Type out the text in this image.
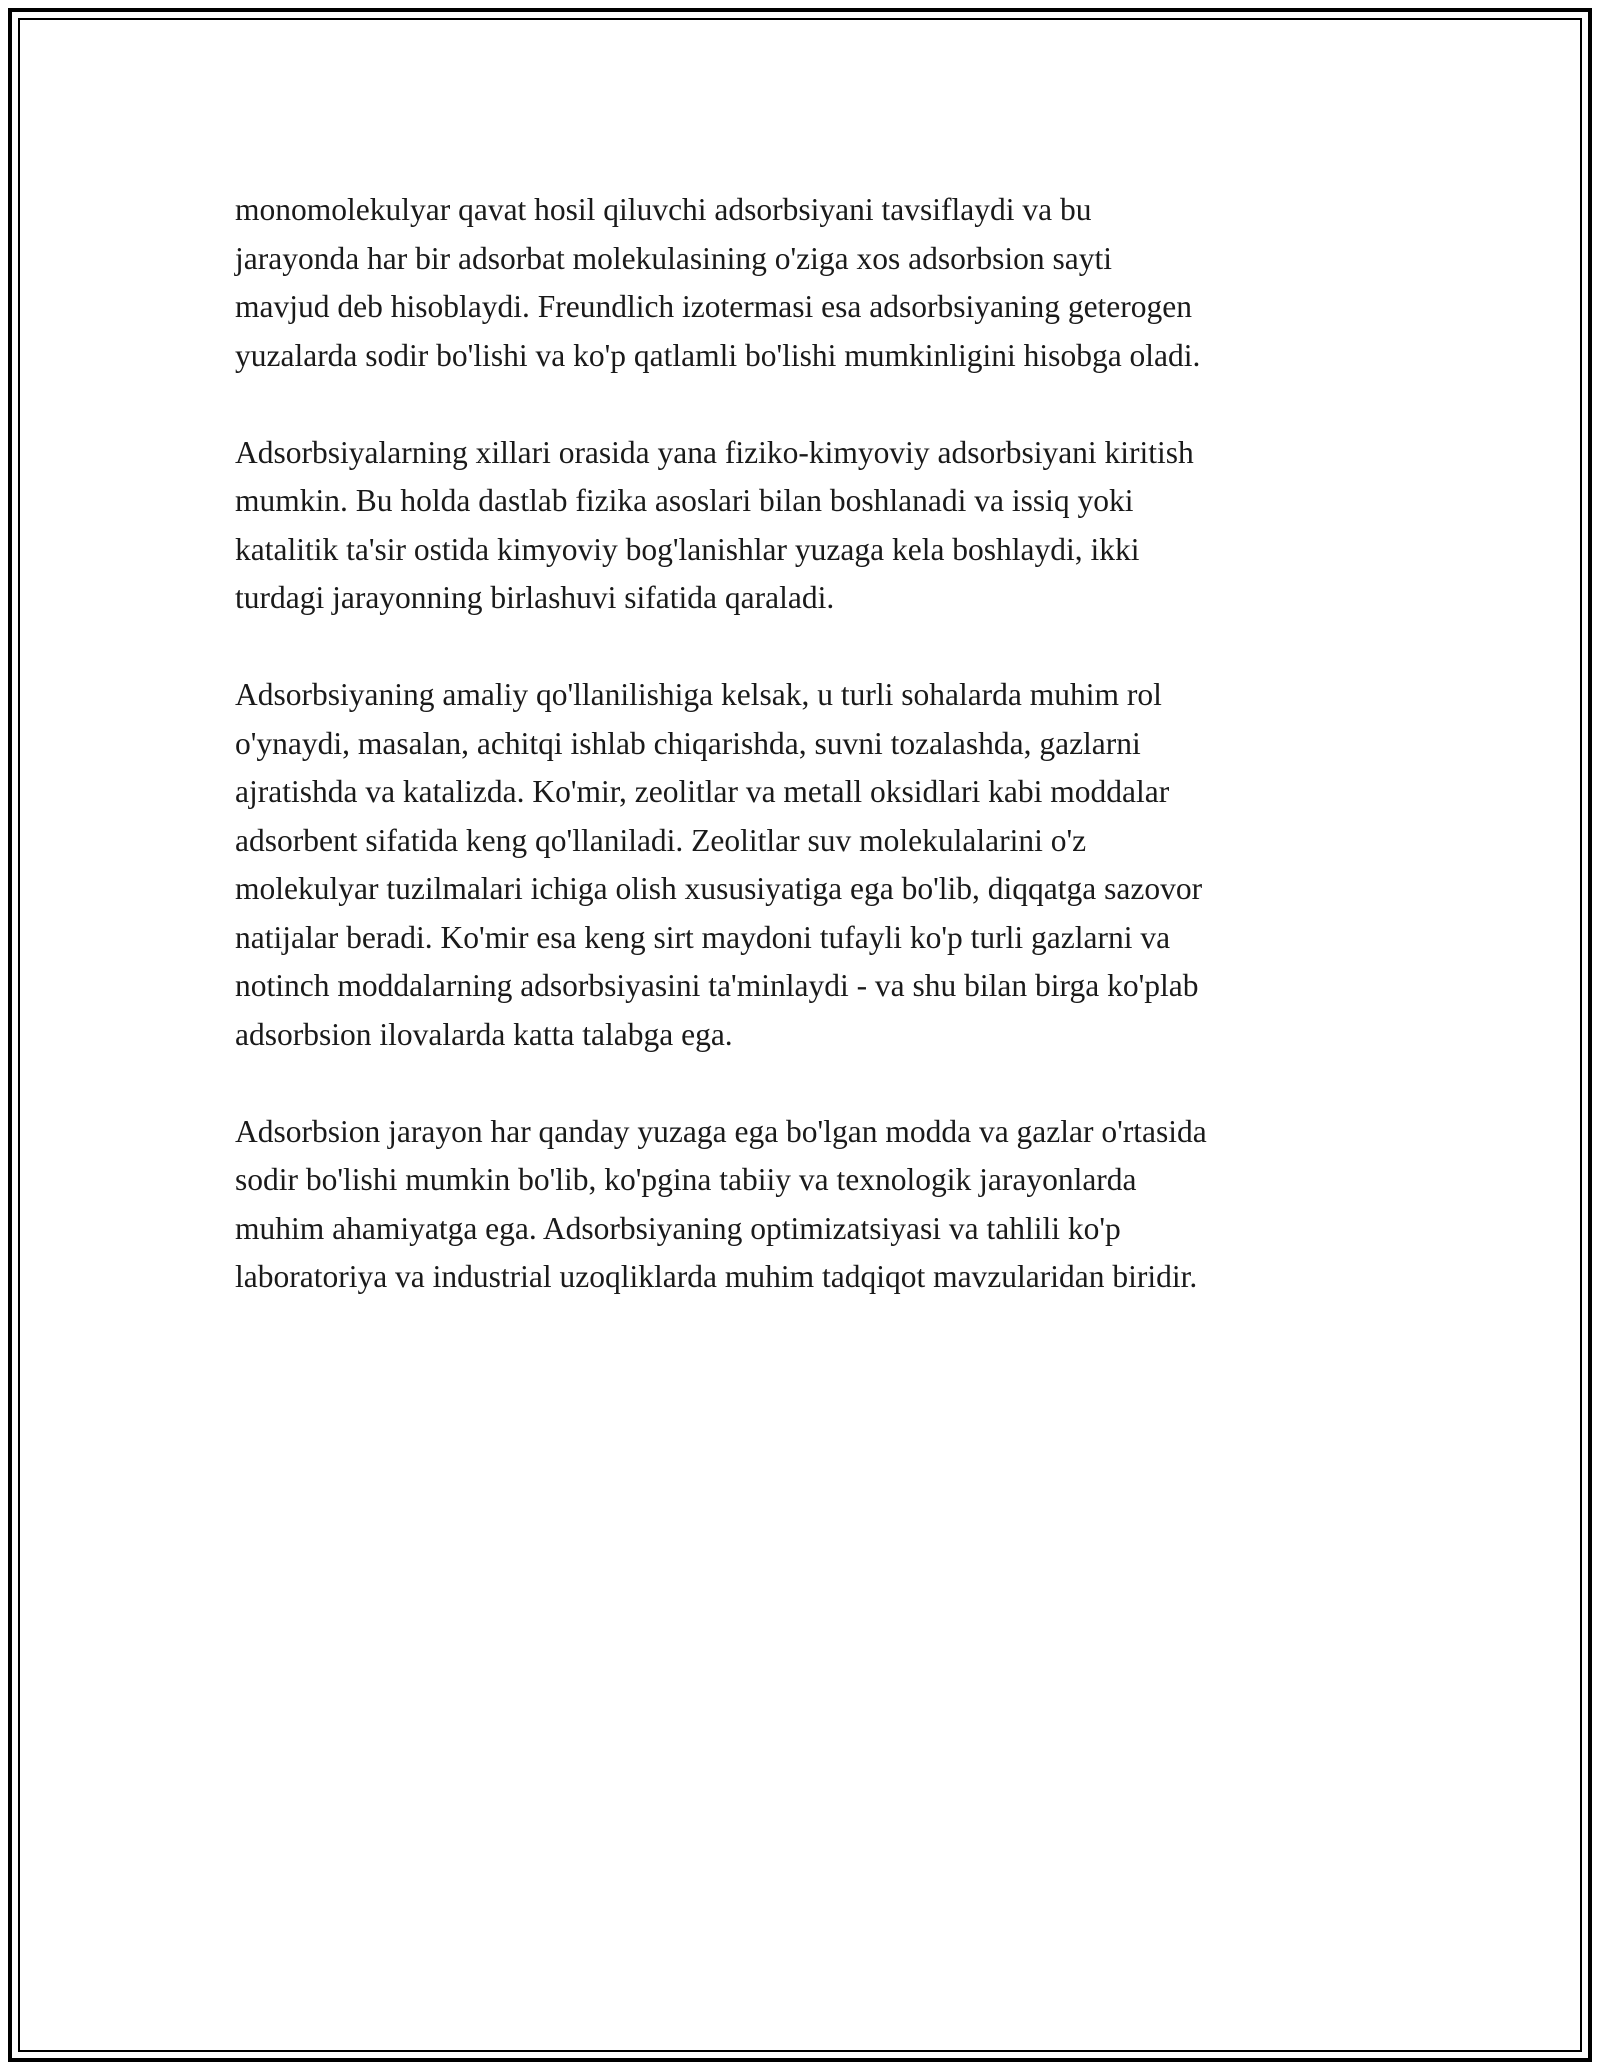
monomolekulyar qavat hosil qiluvchi adsorbsiyani tavsiflaydi va bu
jarayonda har bir adsorbat molekulasining o'ziga xos adsorbsion sayti
mavjud deb hisoblaydi. Freundlich izotermasi esa adsorbsiyaning geterogen
yuzalarda sodir bo'lishi va ko'p qatlamli bo'lishi mumkinligini hisobga oladi.

Adsorbsiyalarning xillari orasida yana fiziko-kimyoviy adsorbsiyani kiritish
mumkin. Bu holda dastlab fizika asoslari bilan boshlanadi va issiq yoki
katalitik ta'sir ostida kimyoviy bog'lanishlar yuzaga kela boshlaydi, ikki
turdagi jarayonning birlashuvi sifatida qaraladi.

Adsorbsiyaning amaliy qo'llanilishiga kelsak, u turli sohalarda muhim rol
o'ynaydi, masalan, achitqi ishlab chiqarishda, suvni tozalashda, gazlarni
ajratishda va katalizda. Ko'mir, zeolitlar va metall oksidlari kabi moddalar
adsorbent sifatida keng qo'llaniladi. Zeolitlar suv molekulalarini o'z
molekulyar tuzilmalari ichiga olish xususiyatiga ega bo'lib, diqqatga sazovor
natijalar beradi. Ko'mir esa keng sirt maydoni tufayli ko'p turli gazlarni va
notinch moddalarning adsorbsiyasini ta'minlaydi - va shu bilan birga ko'plab
adsorbsion ilovalarda katta talabga ega.

Adsorbsion jarayon har qanday yuzaga ega bo'lgan modda va gazlar o'rtasida
sodir bo'lishi mumkin bo'lib, ko'pgina tabiiy va texnologik jarayonlarda
muhim ahamiyatga ega. Adsorbsiyaning optimizatsiyasi va tahlili ko'p
laboratoriya va industrial uzoqliklarda muhim tadqiqot mavzularidan biridir.
